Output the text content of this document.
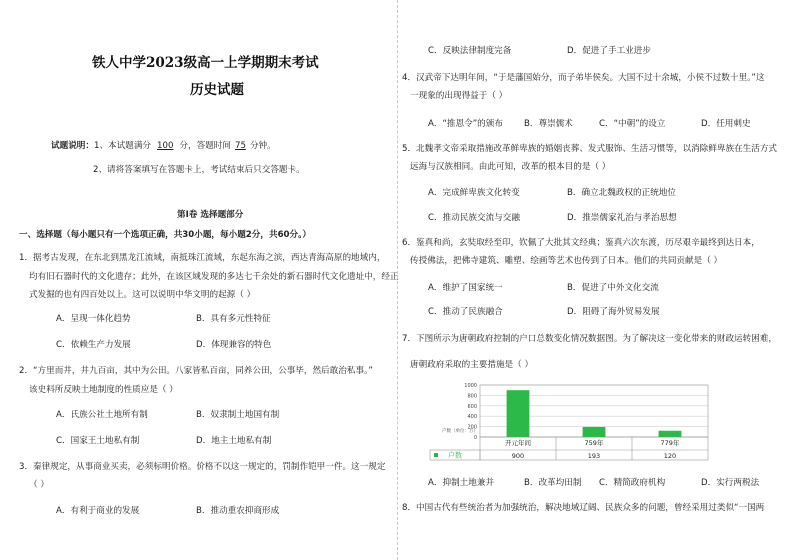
铁人中学2023级高一上学期期末考试
历史试题
试题说明：1、本试题满分 100 分，答题时间 75 分钟。
2、请将答案填写在答题卡上，考试结束后只交答题卡。
第Ⅰ卷 选择题部分
一、选择题（每小题只有一个选项正确，共30小题，每小题2分，共60分。）
1．据考古发现，在东北到黑龙江流域，南抵珠江流域，东起东海之滨，西达青海高原的地域内，
均有旧石器时代的文化遗存；此外，在该区域发现的多达七千余处的新石器时代文化遗址中，经正
式发掘的也有四百处以上。这可以说明中华文明的起源（ ）
A．呈现一体化趋势	B．具有多元性特征
C．依赖生产力发展	D．体现兼容的特色
2．“方里而井，井九百亩，其中为公田。八家皆私百亩，同养公田，公事毕，然后敢治私事。”
该史料所反映土地制度的性质应是（ ）
A．氏族公社土地所有制	B．奴隶制土地国有制
C．国家王土地私有制	D．地主土地私有制
3．秦律规定，从事商业买卖，必须标明价格。价格不以这一规定的，罚制作铠甲一件。这一规定
（ ）
A．有利于商业的发展	B．推动重农抑商形成
C．反映法律制度完备	D．促进了手工业进步
4．汉武帝下达明年间，“于是藩国始分，而子弟毕侯矣。大国不过十余城，小侯不过数十里。”这
一现象的出现得益于（ ）
A．“推恩令”的颁布 B．尊崇儒术	C．“中朝”的设立	D．任用刺史
5．北魏孝文帝采取措施改革鲜卑族的婚姻丧葬、发式服饰、生活习惯等，以消除鲜卑族在生活方式
远海与汉族相同。由此可知，改革的根本目的是（ ）
A．完成鲜卑族文化转变	B．确立北魏政权的正统地位
C．推动民族交流与交融	D．推崇儒家礼治与孝治思想
6．鉴真和尚，玄奘取经至印，钦佩了大批其文经典；鉴真六次东渡，历尽艰辛最终到达日本，
传授佛法，把佛寺建筑、雕塑、绘画等艺术也传到了日本。他们的共同贡献是（ ）
A．维护了国家统一	B．促进了中外文化交流
C．推动了民族融合	D．阻碍了海外贸易发展
7．下图所示为唐朝政府控制的户口总数变化情况数据图。为了解决这一变化带来的财政运转困难，
唐朝政府采取的主要措施是（ ）
0
200
400
600
800
1000
户数（单位：万）
户数
开元年间
900
759年
193
779年
120
A．抑制土地兼并	B．改革均田制 C．精简政府机构	D．实行两税法
8．中国古代有些统治者为加强统治，解决地域辽阔、民族众多的问题，曾经采用过类似“一国两
